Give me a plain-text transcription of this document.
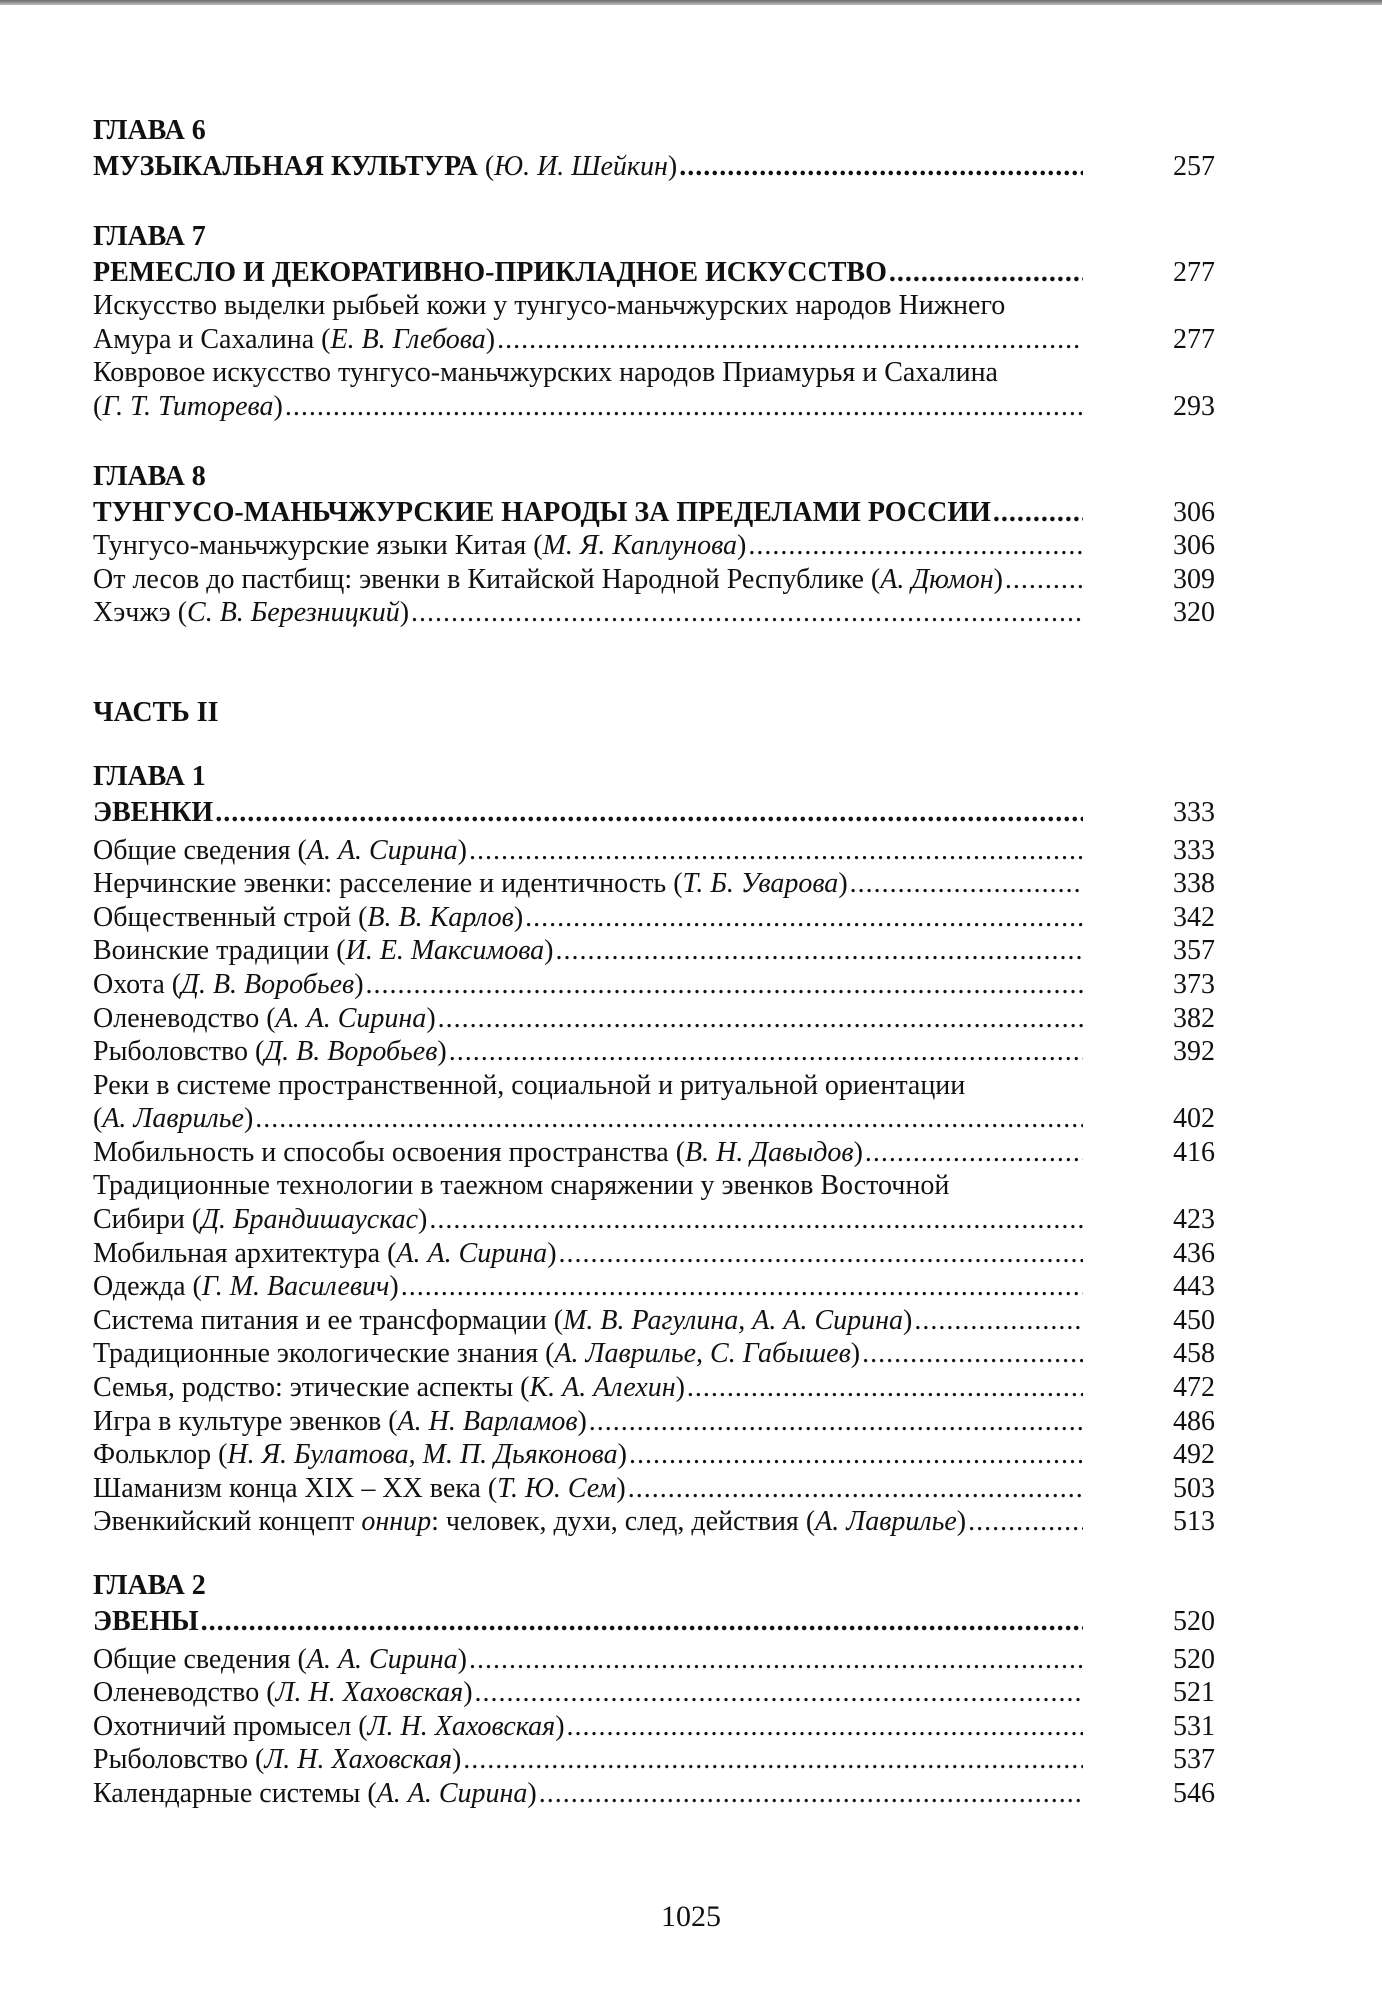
ГЛАВА 6
МУЗЫКАЛЬНАЯ КУЛЬТУРА (Ю. И. Шейкин) .....	257
ГЛАВА 7
РЕМЕСЛО И ДЕКОРАТИВНО-ПРИКЛАДНОЕ ИСКУССТВО .....	277
Искусство выделки рыбьей кожи у тунгусо-маньчжурских народов Нижнего
Амура и Сахалина (Е. В. Глебова) .....	277
Ковровое искусство тунгусо-маньчжурских народов Приамурья и Сахалина
(Г. Т. Титорева) .....	293
ГЛАВА 8
ТУНГУСО-МАНЬЧЖУРСКИЕ НАРОДЫ ЗА ПРЕДЕЛАМИ РОССИИ .....	306
Тунгусо-маньчжурские языки Китая (М. Я. Каплунова) .....	306
От лесов до пастбищ: эвенки в Китайской Народной Республике (А. Дюмон) .....	309
Хэчжэ (С. В. Березницкий) .....	320
ЧАСТЬ II
ГЛАВА 1
ЭВЕНКИ .....	333
Общие сведения (А. А. Сирина) .....	333
Нерчинские эвенки: расселение и идентичность (Т. Б. Уварова) .....	338
Общественный строй (В. В. Карлов) .....	342
Воинские традиции (И. Е. Максимова) .....	357
Охота (Д. В. Воробьев) .....	373
Оленеводство (А. А. Сирина) .....	382
Рыболовство (Д. В. Воробьев) .....	392
Реки в системе пространственной, социальной и ритуальной ориентации
(А. Лаврилье) .....	402
Мобильность и способы освоения пространства (В. Н. Давыдов) .....	416
Традиционные технологии в таежном снаряжении у эвенков Восточной
Сибири (Д. Брандишаускас) .....	423
Мобильная архитектура (А. А. Сирина) .....	436
Одежда (Г. М. Василевич) .....	443
Система питания и ее трансформации (М. В. Рагулина, А. А. Сирина) .....	450
Традиционные экологические знания (А. Лаврилье, С. Габышев) .....	458
Семья, родство: этические аспекты (К. А. Алехин) .....	472
Игра в культуре эвенков (А. Н. Варламов) .....	486
Фольклор (Н. Я. Булатова, М. П. Дьяконова) .....	492
Шаманизм конца XIX – XX века (Т. Ю. Сем) .....	503
Эвенкийский концепт оннир: человек, духи, след, действия (А. Лаврилье) .....	513
ГЛАВА 2
ЭВЕНЫ .....	520
Общие сведения (А. А. Сирина) .....	520
Оленеводство (Л. Н. Хаховская) .....	521
Охотничий промысел (Л. Н. Хаховская) .....	531
Рыболовство (Л. Н. Хаховская) .....	537
Календарные системы (А. А. Сирина) .....	546
1025
